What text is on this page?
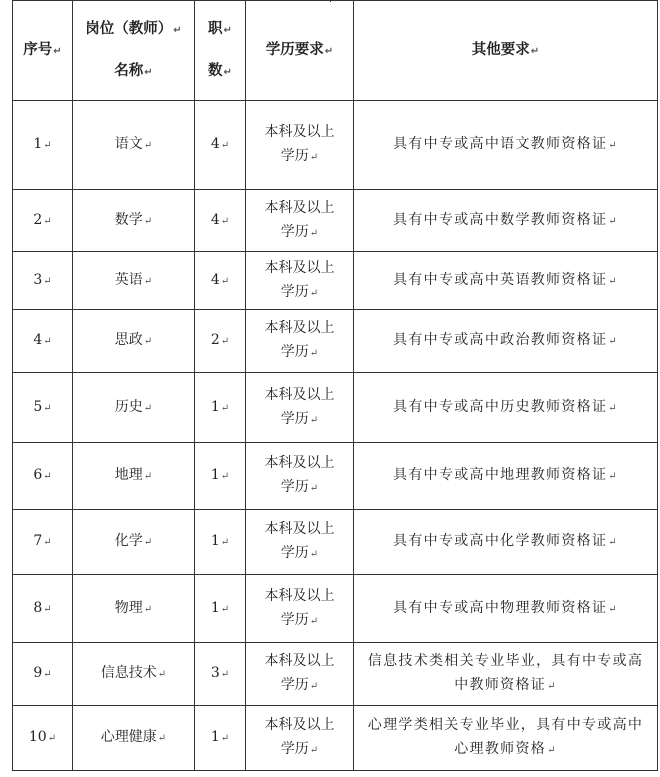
序号↵	岗位（教师）↵
名称↵	职↵
数↵	学历要求↵	其他要求↵
1↵	语文↵	4↵	本科及以上
学历↵	具有中专或高中语文教师资格证↵

2↵	数学↵	4↵	本科及以上
学历↵	具有中专或高中数学教师资格证↵

3↵	英语↵	4↵	本科及以上
学历↵	具有中专或高中英语教师资格证↵

4↵	思政↵	2↵	本科及以上
学历↵	具有中专或高中政治教师资格证↵

5↵	历史↵	1↵	本科及以上
学历↵	具有中专或高中历史教师资格证↵

6↵	地理↵	1↵	本科及以上
学历↵	具有中专或高中地理教师资格证↵

7↵	化学↵	1↵	本科及以上
学历↵	具有中专或高中化学教师资格证↵

8↵	物理↵	1↵	本科及以上
学历↵	具有中专或高中物理教师资格证↵

9↵	信息技术↵	3↵	本科及以上
学历↵	信息技术类相关专业毕业，具有中专或高
中教师资格证↵

10↵	心理健康↵	1↵	本科及以上
学历↵	心理学类相关专业毕业，具有中专或高中
心理教师资格↵
